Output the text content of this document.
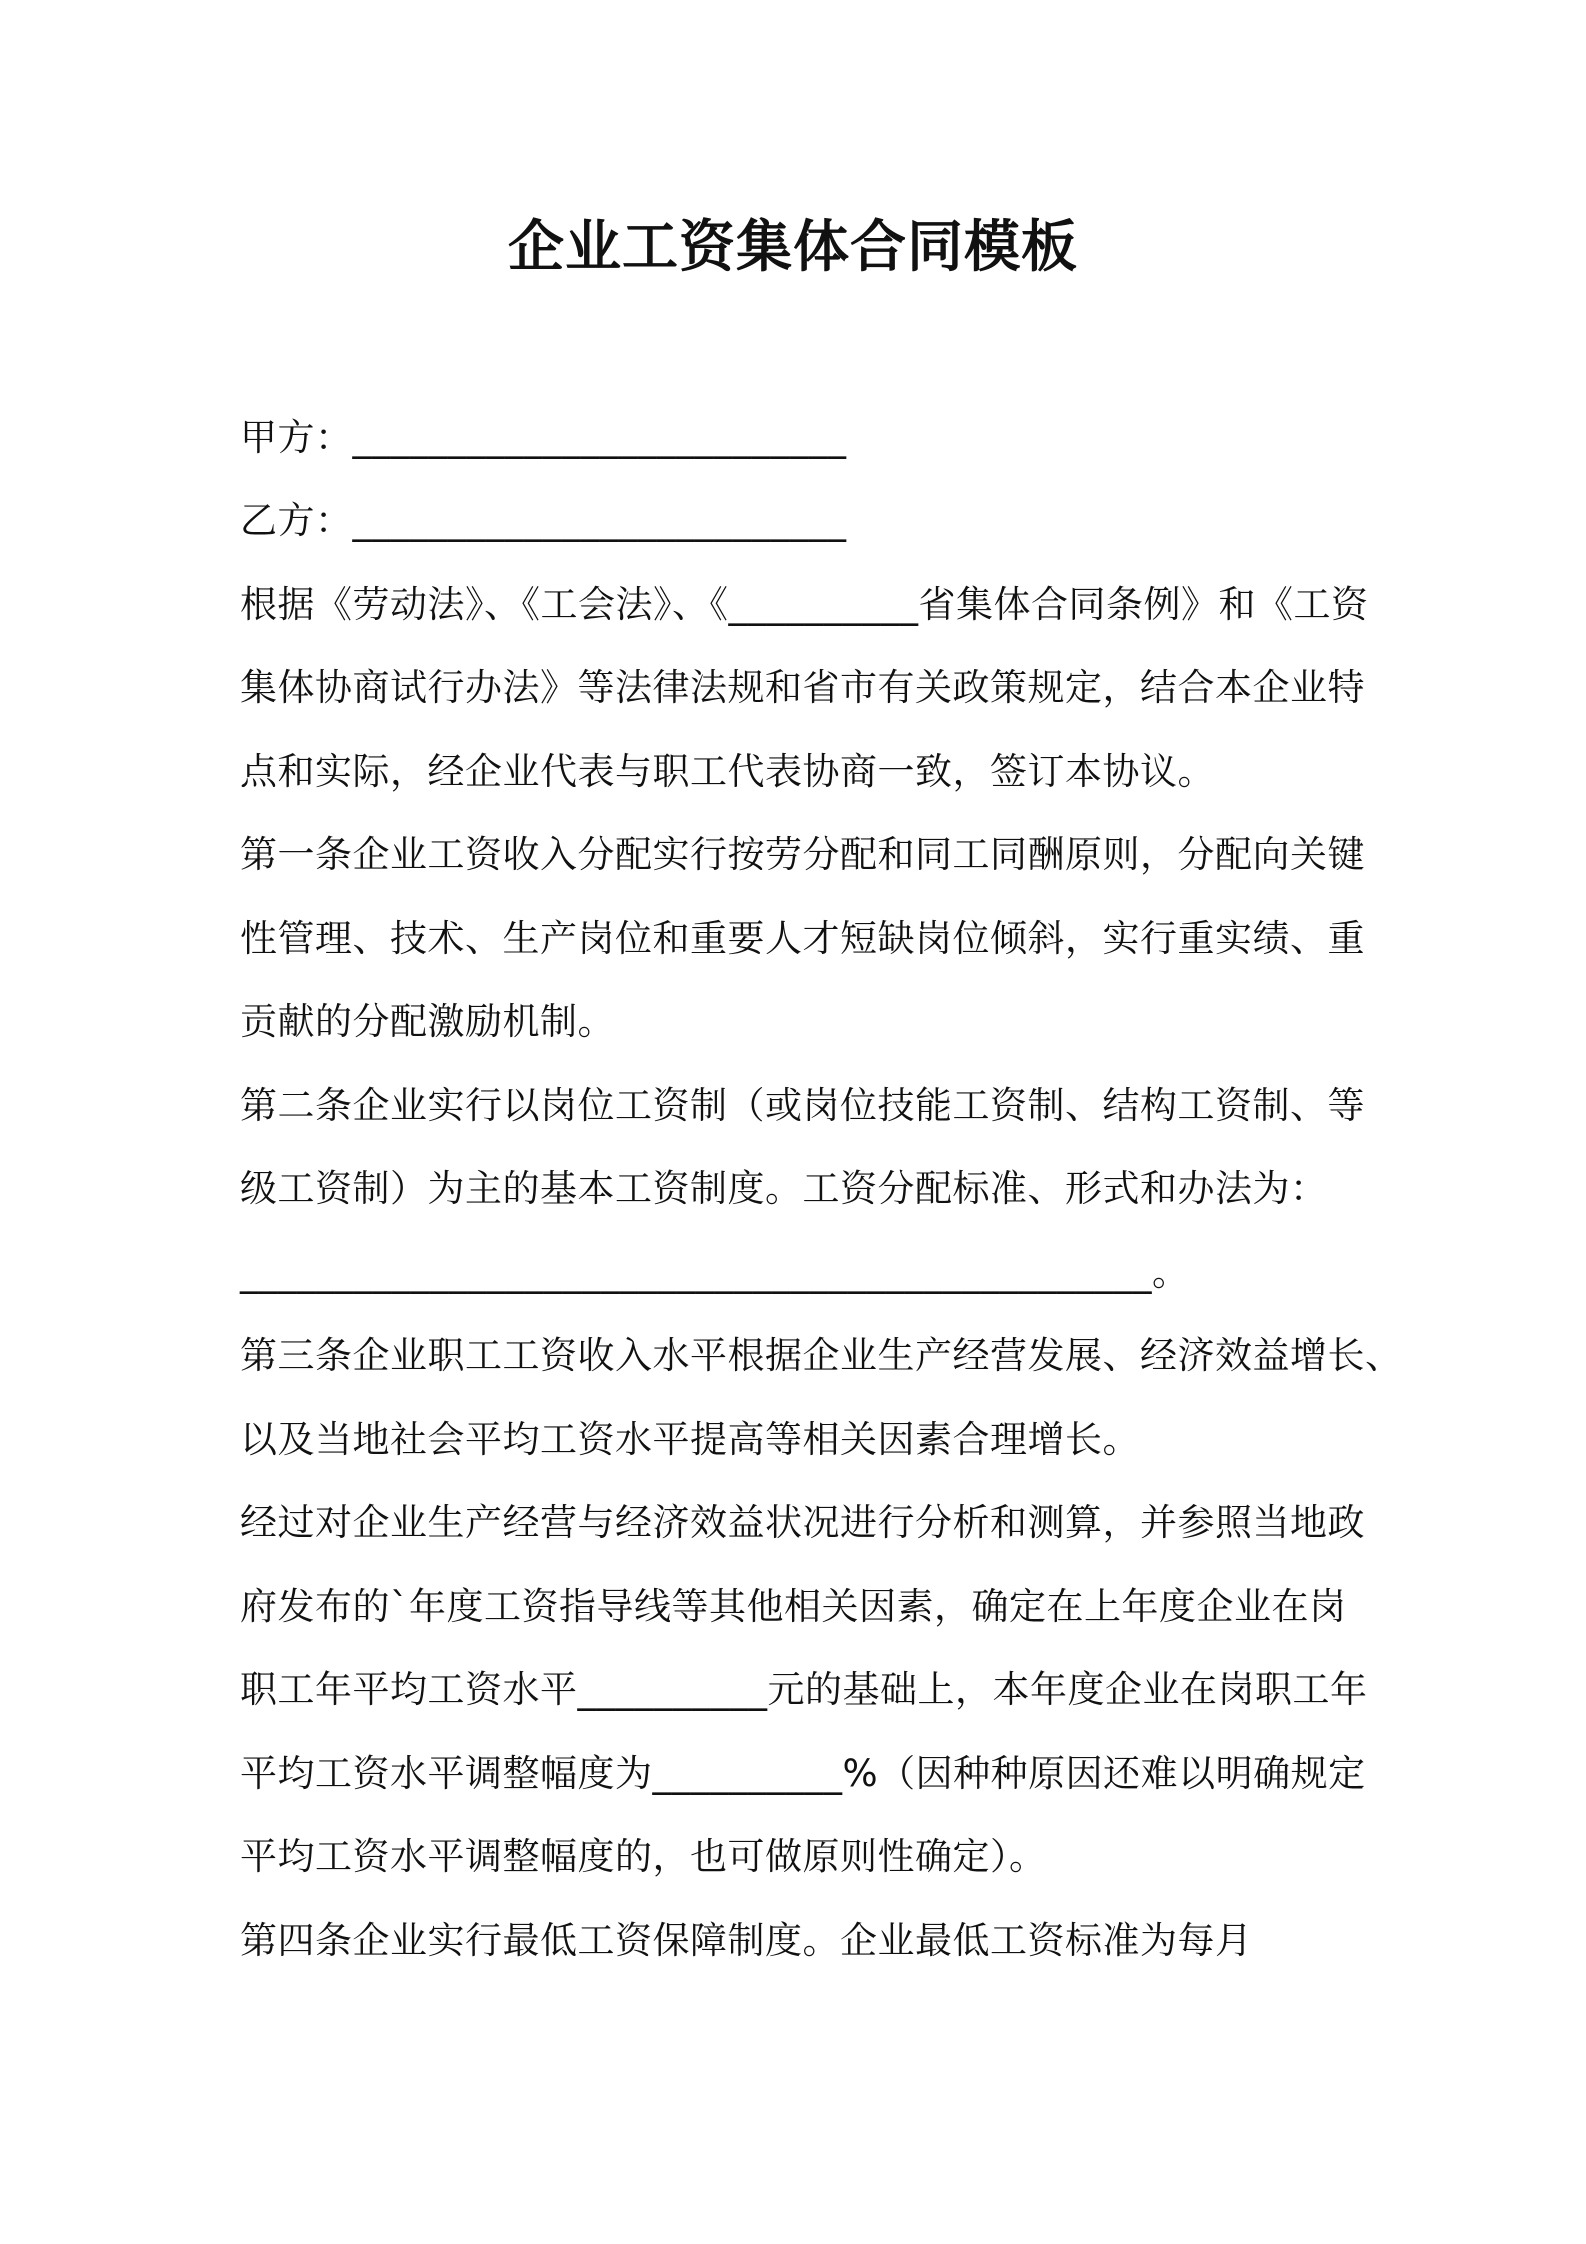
企业工资集体合同模板
甲方：__________________________
乙方：__________________________
根据《劳动法》、《工会法》、《__________省集体合同条例》和《工资
集体协商试行办法》等法律法规和省市有关政策规定，结合本企业特
点和实际，经企业代表与职工代表协商一致，签订本协议。
第一条企业工资收入分配实行按劳分配和同工同酬原则，分配向关键
性管理、技术、生产岗位和重要人才短缺岗位倾斜，实行重实绩、重
贡献的分配激励机制。
第二条企业实行以岗位工资制（或岗位技能工资制、结构工资制、等
级工资制）为主的基本工资制度。工资分配标准、形式和办法为：
________________________________________________。
第三条企业职工工资收入水平根据企业生产经营发展、经济效益增长、
以及当地社会平均工资水平提高等相关因素合理增长。
经过对企业生产经营与经济效益状况进行分析和测算，并参照当地政
府发布的`年度工资指导线等其他相关因素，确定在上年度企业在岗
职工年平均工资水平__________元的基础上，本年度企业在岗职工年
平均工资水平调整幅度为__________%（因种种原因还难以明确规定
平均工资水平调整幅度的，也可做原则性确定）。
第四条企业实行最低工资保障制度。企业最低工资标准为每月
